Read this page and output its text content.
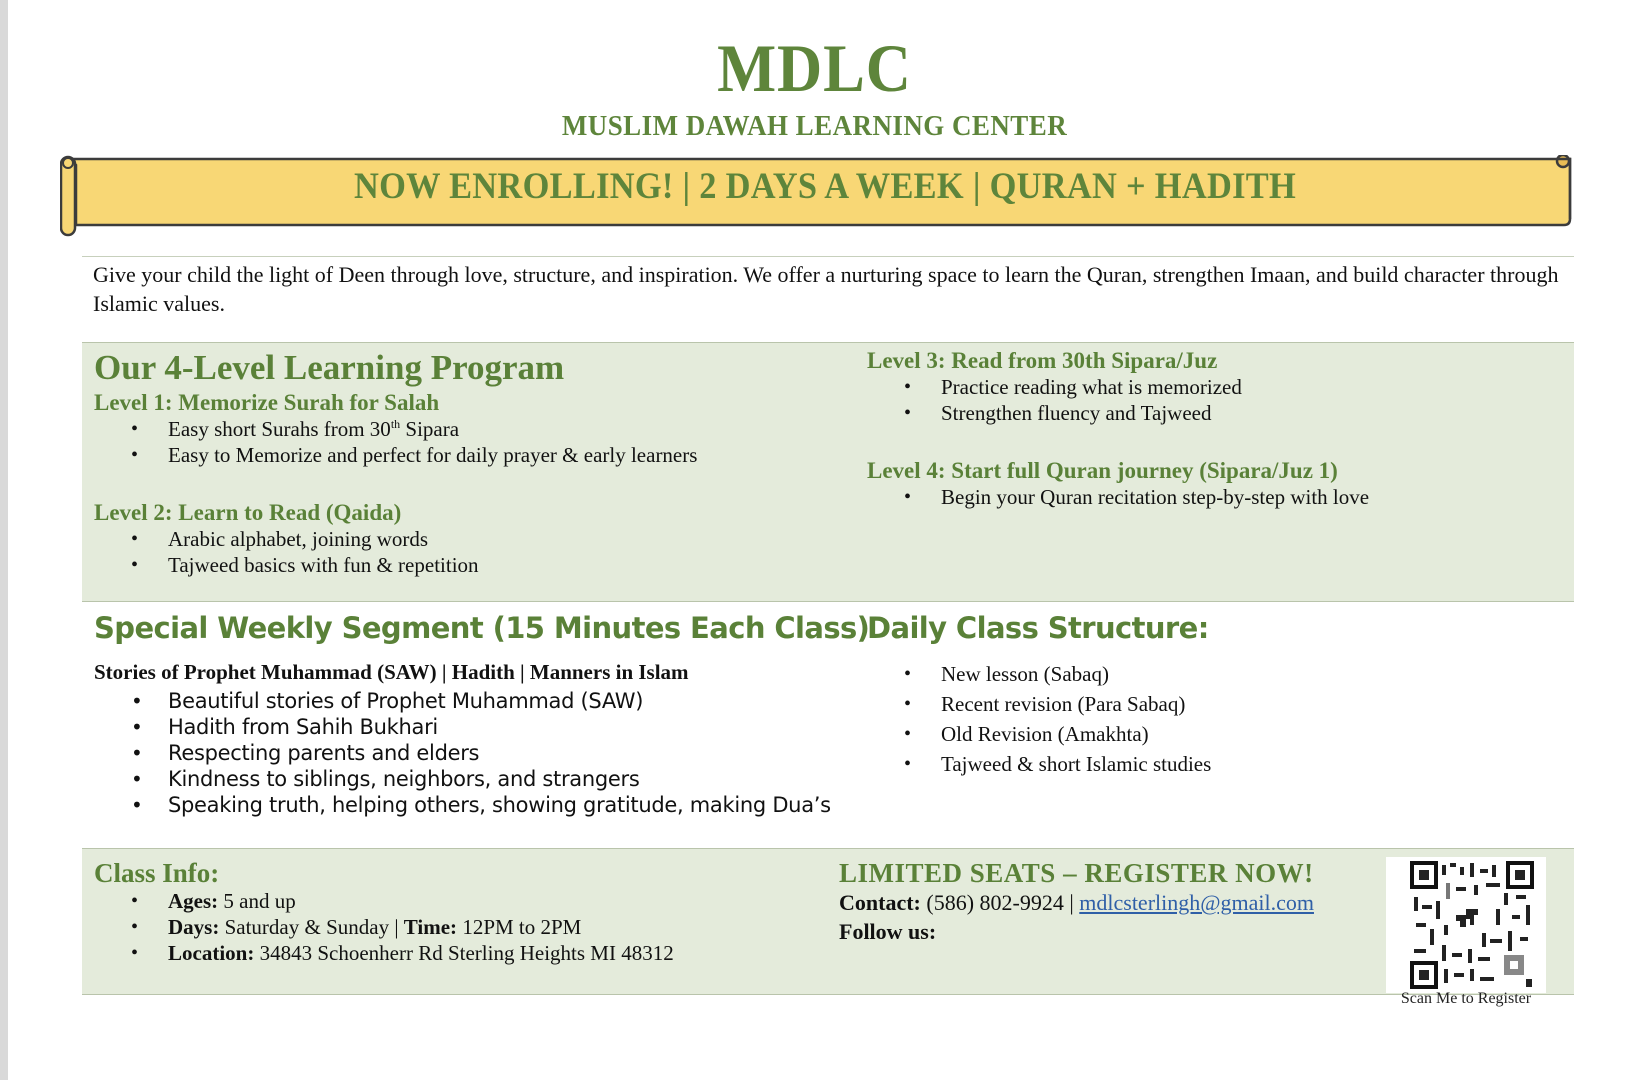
MDLC
MUSLIM DAWAH LEARNING CENTER
NOW ENROLLING! | 2 DAYS A WEEK | QURAN + HADITH
Give your child the light of Deen through love, structure, and inspiration. We offer a nurturing space to learn the Quran, strengthen Imaan, and build character through Islamic values.
Our 4-Level Learning Program
Level 1: Memorize Surah for Salah
• Easy short Surahs from 30th Sipara
• Easy to Memorize and perfect for daily prayer & early learners
Level 2: Learn to Read (Qaida)
• Arabic alphabet, joining words
• Tajweed basics with fun & repetition
Level 3: Read from 30th Sipara/Juz
• Practice reading what is memorized
• Strengthen fluency and Tajweed
Level 4: Start full Quran journey (Sipara/Juz 1)
• Begin your Quran recitation step-by-step with love
Special Weekly Segment (15 Minutes Each Class)
Stories of Prophet Muhammad (SAW) | Hadith | Manners in Islam
• Beautiful stories of Prophet Muhammad (SAW)
• Hadith from Sahih Bukhari
• Respecting parents and elders
• Kindness to siblings, neighbors, and strangers
• Speaking truth, helping others, showing gratitude, making Dua’s
Daily Class Structure:
• New lesson (Sabaq)
• Recent revision (Para Sabaq)
• Old Revision (Amakhta)
• Tajweed & short Islamic studies
Class Info:
• Ages: 5 and up
• Days: Saturday & Sunday | Time: 12PM to 2PM
• Location: 34843 Schoenherr Rd Sterling Heights MI 48312
LIMITED SEATS – REGISTER NOW!
Contact: (586) 802-9924 | mdlcsterlingh@gmail.com
Follow us:
Scan Me to Register
